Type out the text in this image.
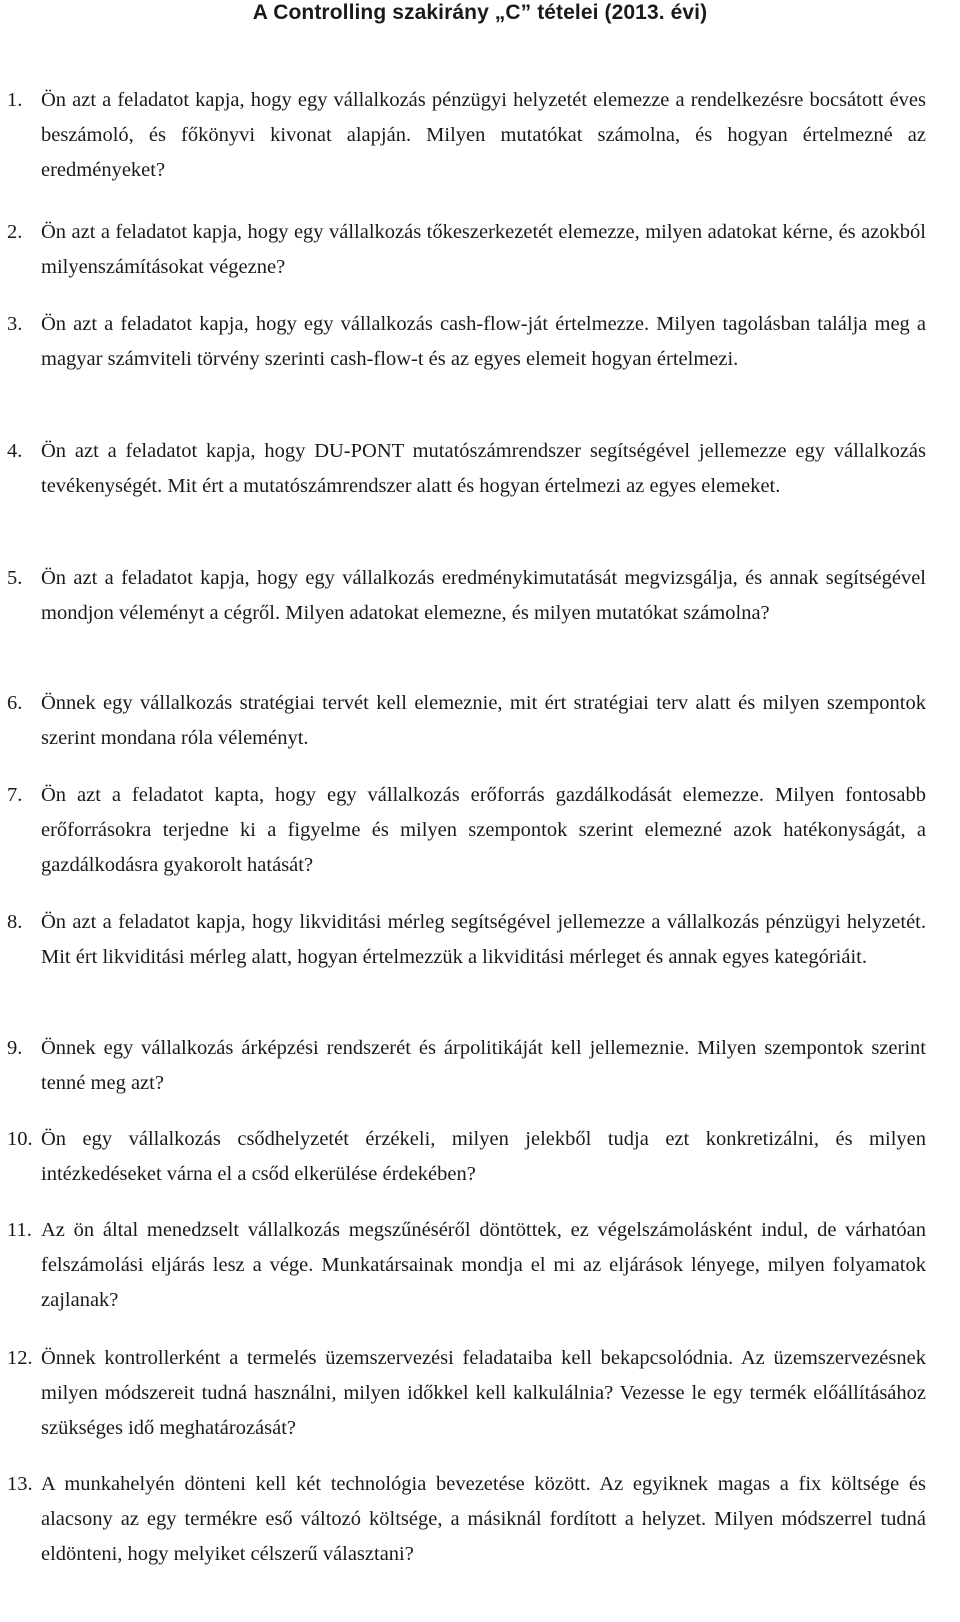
A Controlling szakirány „C” tételei (2013. évi)
1. Ön azt a feladatot kapja, hogy egy vállalkozás pénzügyi helyzetét elemezze a rendelkezésre bocsátott éves beszámoló, és főkönyvi kivonat alapján. Milyen mutatókat számolna, és hogyan értelmezné az eredményeket?
2. Ön azt a feladatot kapja, hogy egy vállalkozás tőkeszerkezetét elemezze, milyen adatokat kérne, és azokból milyenszámításokat végezne?
3. Ön azt a feladatot kapja, hogy egy vállalkozás cash-flow-ját értelmezze. Milyen tagolásban találja meg a magyar számviteli törvény szerinti cash-flow-t és az egyes elemeit hogyan értelmezi.
4. Ön azt a feladatot kapja, hogy DU-PONT mutatószámrendszer segítségével jellemezze egy vállalkozás tevékenységét. Mit ért a mutatószámrendszer alatt és hogyan értelmezi az egyes elemeket.
5. Ön azt a feladatot kapja, hogy egy vállalkozás eredménykimutatását megvizsgálja, és annak segítségével mondjon véleményt a cégről. Milyen adatokat elemezne, és milyen mutatókat számolna?
6. Önnek egy vállalkozás stratégiai tervét kell elemeznie, mit ért stratégiai terv alatt és milyen szempontok szerint mondana róla véleményt.
7. Ön azt a feladatot kapta, hogy egy vállalkozás erőforrás gazdálkodását elemezze. Milyen fontosabb erőforrásokra terjedne ki a figyelme és milyen szempontok szerint elemezné azok hatékonyságát, a gazdálkodásra gyakorolt hatását?
8. Ön azt a feladatot kapja, hogy likviditási mérleg segítségével jellemezze a vállalkozás pénzügyi helyzetét. Mit ért likviditási mérleg alatt, hogyan értelmezzük a likviditási mérleget és annak egyes kategóriáit.
9. Önnek egy vállalkozás árképzési rendszerét és árpolitikáját kell jellemeznie. Milyen szempontok szerint tenné meg azt?
10. Ön egy vállalkozás csődhelyzetét érzékeli, milyen jelekből tudja ezt konkretizálni, és milyen intézkedéseket várna el a csőd elkerülése érdekében?
11. Az ön által menedzselt vállalkozás megszűnéséről döntöttek, ez végelszámolásként indul, de várhatóan felszámolási eljárás lesz a vége. Munkatársainak mondja el mi az eljárások lényege, milyen folyamatok zajlanak?
12. Önnek kontrollerként a termelés üzemszervezési feladataiba kell bekapcsolódnia. Az üzemszervezésnek milyen módszereit tudná használni, milyen időkkel kell kalkulálnia? Vezesse le egy termék előállításához szükséges idő meghatározását?
13. A munkahelyén dönteni kell két technológia bevezetése között. Az egyiknek magas a fix költsége és alacsony az egy termékre eső változó költsége, a másiknál fordított a helyzet. Milyen módszerrel tudná eldönteni, hogy melyiket célszerű választani?
